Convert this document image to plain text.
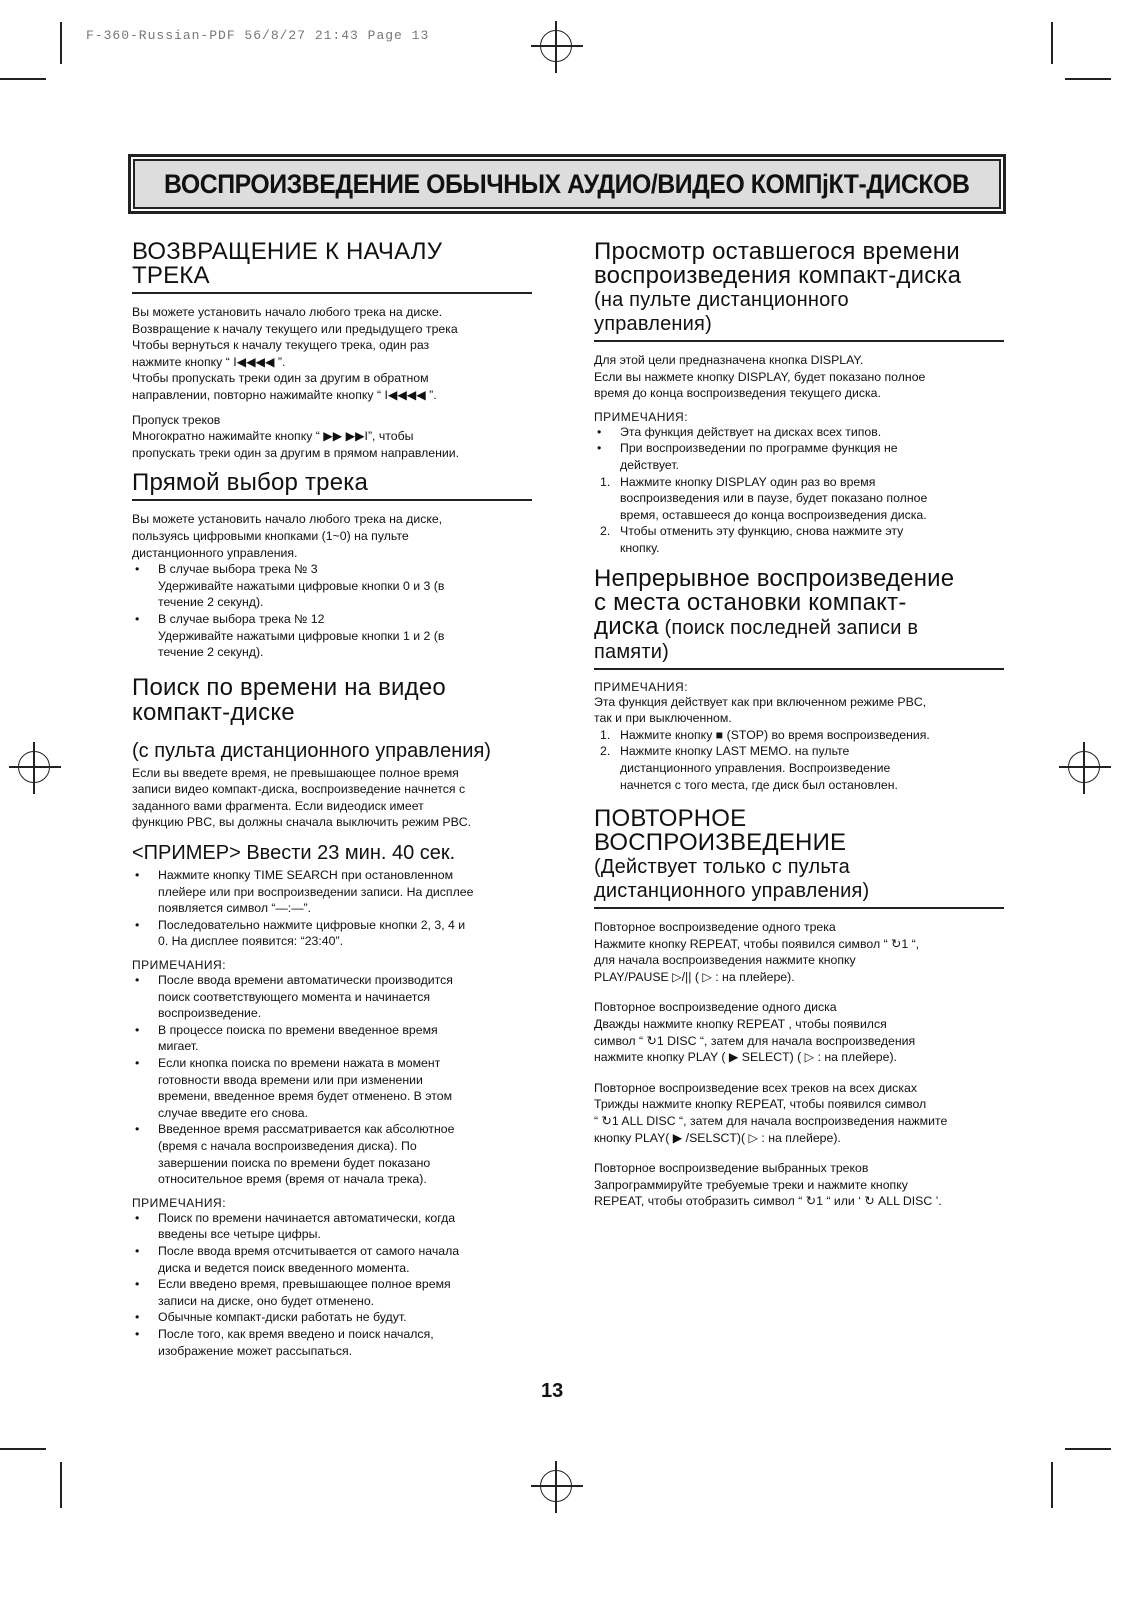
F-360-Russian-PDF 56/8/27 21:43 Page 13
ВОСПРОИЗВЕДЕНИЕ ОБЫЧНЫХ АУДИО/ВИДЕО КОМПjКТ-ДИСКОВ
ВОЗВРАЩЕНИЕ К НАЧАЛУ ТРЕКА

Вы можете установить начало любого трека на диске.

Возвращение к началу текущего или предыдущего трека

Чтобы вернуться к началу текущего трека, один раз

нажмите кнопку “ I◀◀◀◀ ”.

Чтобы пропускать треки один за другим в обратном

направлении, повторно нажимайте кнопку “ I◀◀◀◀ ”.

Пропуск треков

Многократно нажимайте кнопку “ ▶▶ ▶▶I”, чтобы

пропускать треки один за другим в прямом направлении.

Прямой выбор трека

Вы можете установить начало любого трека на диске,

пользуясь цифровыми кнопками (1~0) на пульте

дистанционного управления.

• В случае выбора трека № 3
Удерживайте нажатыми цифровые кнопки 0 и 3 (в
течение 2 секунд).
• В случае выбора трека № 12
Удерживайте нажатыми цифровые кнопки 1 и 2 (в
течение 2 секунд).
Поиск по времени на видео компакт-диске
(с пульта дистанционного управления)

Если вы введете время, не превышающее полное время

записи видео компакт-диска, воспроизведение начнется с

заданного вами фрагмента. Если видеодиск имеет

функцию PBC, вы должны сначала выключить режим PBC.

<ПРИМЕР> Ввести 23 мин. 40 сек.
• Нажмите кнопку TIME SEARCH при остановленном
плейере или при воспроизведении записи. На дисплее
появляется символ “—:—”.
• Последовательно нажмите цифровые кнопки 2, 3, 4 и
0. На дисплее появится: “23:40”.
ПРИМЕЧАНИЯ:
• После ввода времени автоматически производится
поиск соответствующего момента и начинается
воспроизведение.
• В процессе поиска по времени введенное время
мигает.
• Если кнопка поиска по времени нажата в момент
готовности ввода времени или при изменении
времени, введенное время будет отменено. В этом
случае введите его снова.
• Введенное время рассматривается как абсолютное
(время с начала воспроизведения диска). По
завершении поиска по времени будет показано
относительное время (время от начала трека).
ПРИМЕЧАНИЯ:
• Поиск по времени начинается автоматически, когда
введены все четыре цифры.
• После ввода время отсчитывается от самого начала
диска и ведется поиск введенного момента.
• Если введено время, превышающее полное время
записи на диске, оно будет отменено.
• Обычные компакт-диски работать не будут.
• После того, как время введено и поиск начался,
изображение может рассыпаться.
Просмотр оставшегося времени
воспроизведения компакт-диска
(на пульте дистанционного
управления)

Для этой цели предназначена кнопка DISPLAY.

Если вы нажмете кнопку DISPLAY, будет показано полное

время до конца воспроизведения текущего диска.

ПРИМЕЧАНИЯ:
• Эта функция действует на дисках всех типов.
• При воспроизведении по программе функция не
действует.
1. Нажмите кнопку DISPLAY один раз во время
воспроизведения или в паузе, будет показано полное
время, оставшееся до конца воспроизведения диска.
2. Чтобы отменить эту функцию, снова нажмите эту
кнопку.
Непрерывное воспроизведение
с места остановки компакт-
диска (поиск последней записи в
памяти)
ПРИМЕЧАНИЯ:

Эта функция действует как при включенном режиме PBC,

так и при выключенном.

1. Нажмите кнопку ■ (STOP) во время воспроизведения.
2. Нажмите кнопку LAST MEMO. на пульте
дистанционного управления. Воспроизведение
начнется с того места, где диск был остановлен.
ПОВТОРНОЕ
ВОСПРОИЗВЕДЕНИЕ
(Действует только с пульта
дистанционного управления)

Повторное воспроизведение одного трека

Нажмите кнопку REPEAT, чтобы появился символ “ ↻1 “,

для начала воспроизведения нажмите кнопку

PLAY/PAUSE ▷/|| ( ▷ : на плейере).

Повторное воспроизведение одного диска

Дважды нажмите кнопку REPEAT , чтобы появился

символ “ ↻1 DISC “, затем для начала воспроизведения

нажмите кнопку PLAY ( ▶ SELECT) ( ▷ : на плейере).

Повторное воспроизведение всех треков на всех дисках

Трижды нажмите кнопку REPEAT, чтобы появился символ

“ ↻1 ALL DISC “, затем для начала воспроизведения нажмите

кнопку PLAY( ▶ /SELSCT)( ▷ : на плейере).

Повторное воспроизведение выбранных треков

Запрограммируйте требуемые треки и нажмите кнопку

REPEAT, чтобы отобразить символ “ ↻1 “ или ‘ ↻ ALL DISC ’.

13
